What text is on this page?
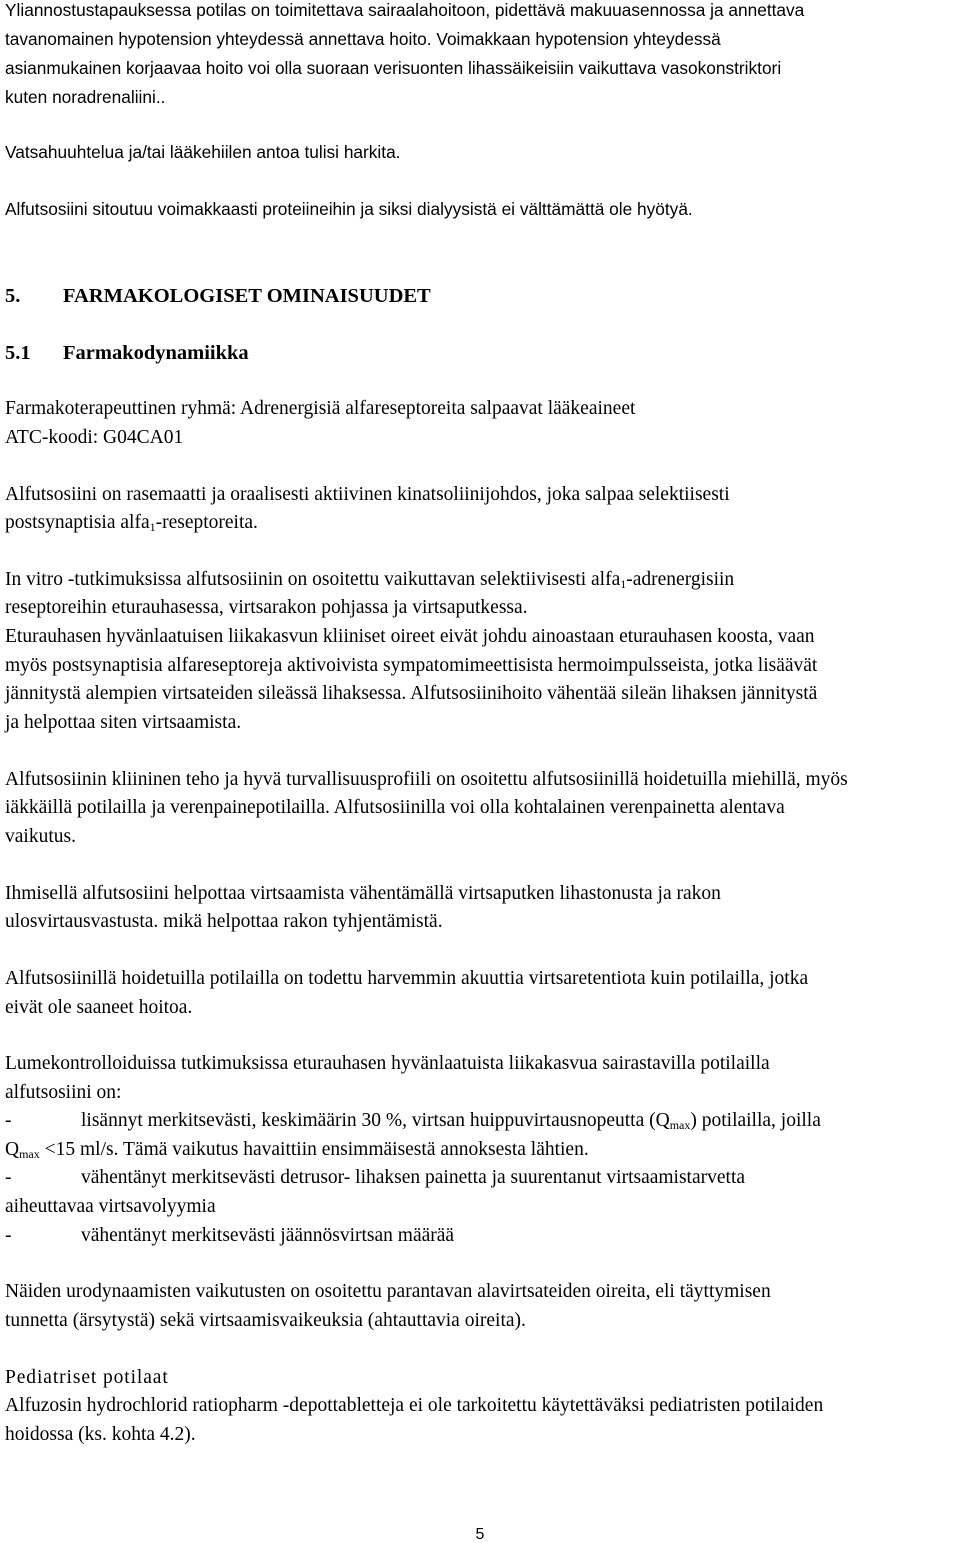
Yliannostustapauksessa potilas on toimitettava sairaalahoitoon, pidettävä makuuasennossa ja annettava
tavanomainen hypotension yhteydessä annettava hoito. Voimakkaan hypotension yhteydessä
asianmukainen korjaavaa hoito voi olla suoraan verisuonten lihassäikeisiin vaikuttava vasokonstriktori
kuten noradrenaliini..
Vatsahuuhtelua ja/tai lääkehiilen antoa tulisi harkita.
Alfutsosiini sitoutuu voimakkaasti proteiineihin ja siksi dialyysistä ei välttämättä ole hyötyä.
5. FARMAKOLOGISET OMINAISUUDET
5.1 Farmakodynamiikka
Farmakoterapeuttinen ryhmä: Adrenergisiä alfareseptoreita salpaavat lääkeaineet
ATC-koodi: G04CA01
Alfutsosiini on rasemaatti ja oraalisesti aktiivinen kinatsoliinijohdos, joka salpaa selektiisesti
postsynaptisia alfa$_1$-reseptoreita.
In vitro -tutkimuksissa alfutsosiinin on osoitettu vaikuttavan selektiivisesti alfa$_1$-adrenergisiin
reseptoreihin eturauhasessa, virtsarakon pohjassa ja virtsaputkessa.
Eturauhasen hyvänlaatuisen liikakasvun kliiniset oireet eivät johdu ainoastaan eturauhasen koosta, vaan
myös postsynaptisia alfareseptoreja aktivoivista sympatomimeettisista hermoimpulsseista, jotka lisäävät
jännitystä alempien virtsateiden sileässä lihaksessa. Alfutsosiinihoito vähentää sileän lihaksen jännitystä
ja helpottaa siten virtsaamista.
Alfutsosiinin kliininen teho ja hyvä turvallisuusprofiili on osoitettu alfutsosiinillä hoidetuilla miehillä, myös
iäkkäillä potilailla ja verenpainepotilailla. Alfutsosiinilla voi olla kohtalainen verenpainetta alentava
vaikutus.
Ihmisellä alfutsosiini helpottaa virtsaamista vähentämällä virtsaputken lihastonusta ja rakon
ulosvirtausvastusta. mikä helpottaa rakon tyhjentämistä.
Alfutsosiinillä hoidetuilla potilailla on todettu harvemmin akuuttia virtsaretentiota kuin potilailla, jotka
eivät ole saaneet hoitoa.
Lumekontrolloiduissa tutkimuksissa eturauhasen hyvänlaatuista liikakasvua sairastavilla potilailla
alfutsosiini on:
-	lisännyt merkitsevästi, keskimäärin 30 %, virtsan huippuvirtausnopeutta $(Q_{max})$ potilailla, joilla
$Q_{max} <15$ ml/s. Tämä vaikutus havaittiin ensimmäisestä annoksesta lähtien.
-	vähentänyt merkitsevästi detrusor- lihaksen painetta ja suurentanut virtsaamistarvetta
aiheuttavaa virtsavolyymia
-	vähentänyt merkitsevästi jäännösvirtsan määrää
Näiden urodynaamisten vaikutusten on osoitettu parantavan alavirtsateiden oireita, eli täyttymisen
tunnetta (ärsytystä) sekä virtsaamisvaikeuksia (ahtauttavia oireita).
Pediatriset potilaat
Alfuzosin hydrochlorid ratiopharm -depottabletteja ei ole tarkoitettu käytettäväksi pediatristen potilaiden
hoidossa (ks. kohta 4.2).
5
